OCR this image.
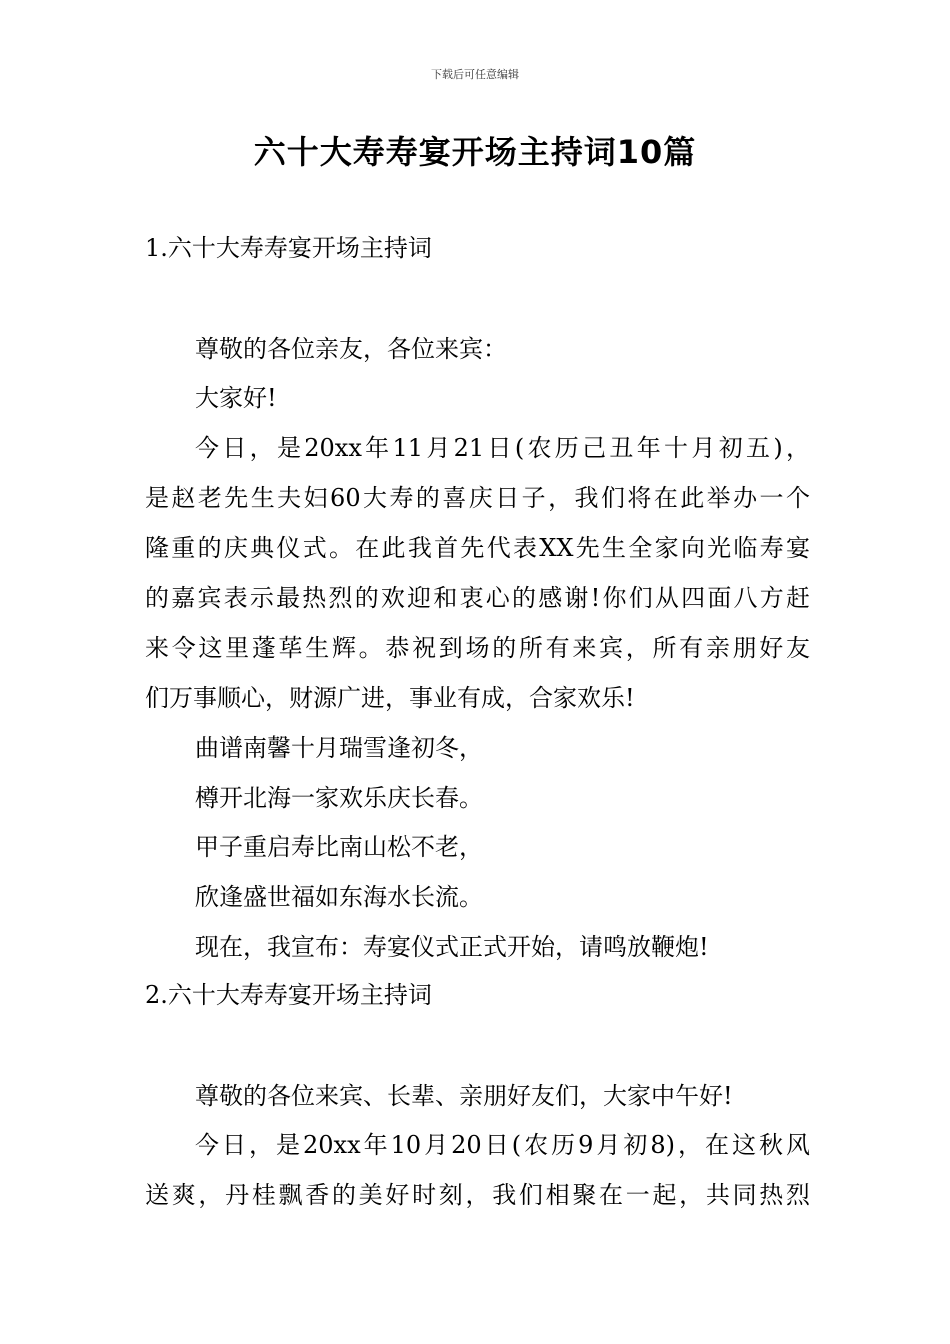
下载后可任意编辑
六十大寿寿宴开场主持词10篇
1.六十大寿寿宴开场主持词
尊敬的各位亲友，各位来宾：
大家好!
今日，是20xx年11月21日(农历己丑年十月初五)，
是赵老先生夫妇60大寿的喜庆日子，我们将在此举办一个
隆重的庆典仪式。在此我首先代表XX先生全家向光临寿宴
的嘉宾表示最热烈的欢迎和衷心的感谢!你们从四面八方赶
来令这里蓬荜生辉。恭祝到场的所有来宾，所有亲朋好友
们万事顺心，财源广进，事业有成，合家欢乐!
曲谱南馨十月瑞雪逢初冬，
樽开北海一家欢乐庆长春。
甲子重启寿比南山松不老，
欣逢盛世福如东海水长流。
现在，我宣布：寿宴仪式正式开始，请鸣放鞭炮!
2.六十大寿寿宴开场主持词
尊敬的各位来宾、长辈、亲朋好友们，大家中午好!
今日，是20xx年10月20日(农历9月初8)，在这秋风
送爽，丹桂飘香的美好时刻，我们相聚在一起，共同热烈
